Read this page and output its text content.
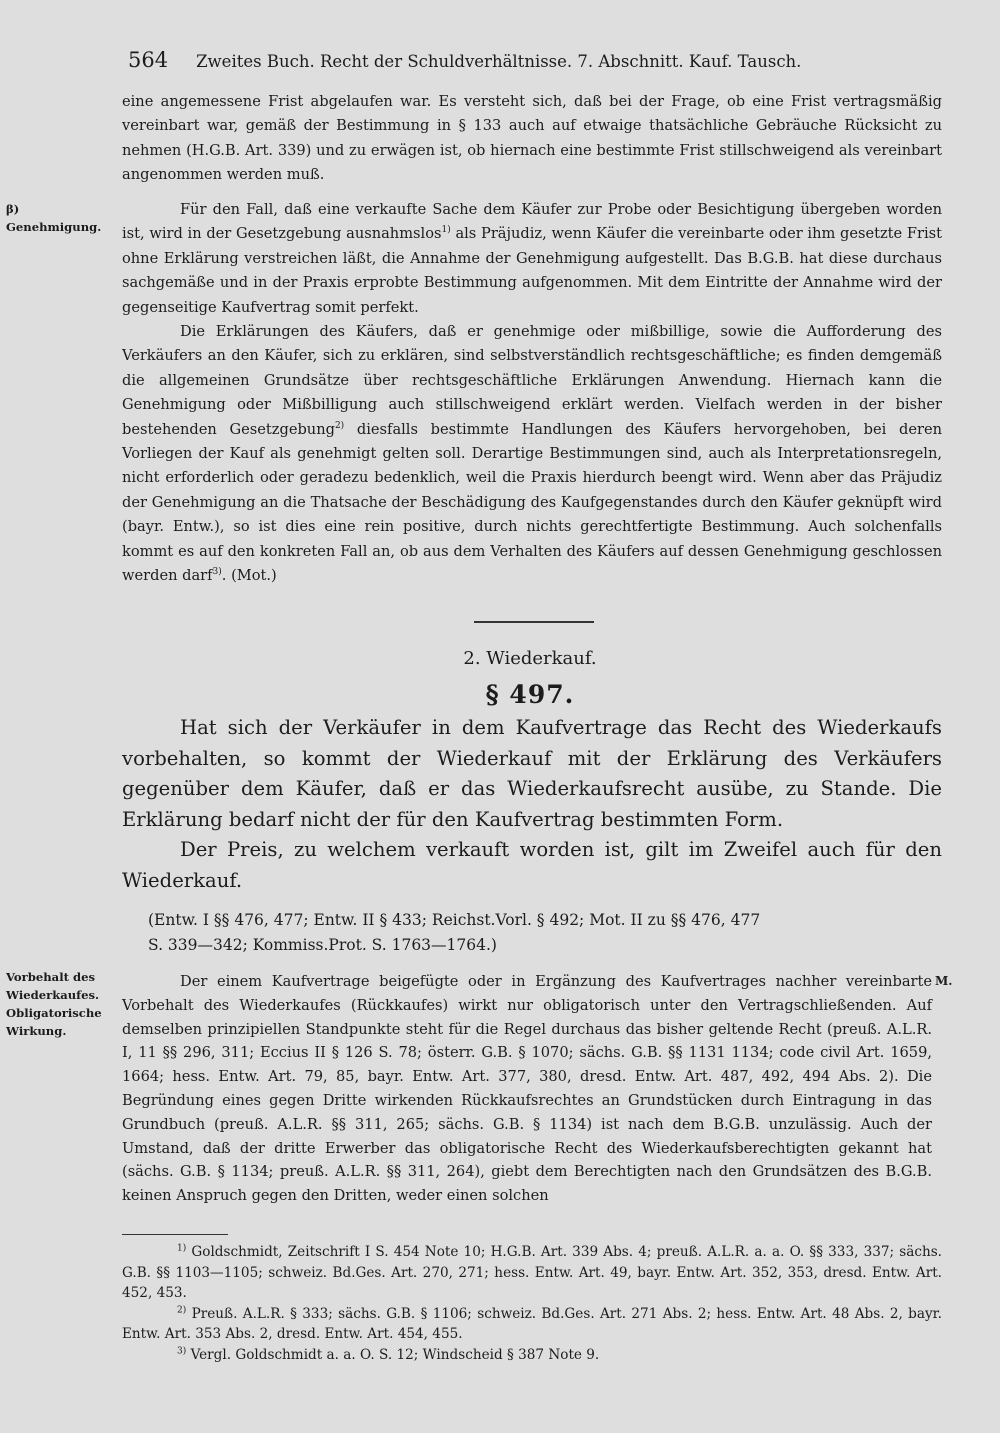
564 Zweites Buch. Recht der Schuldverhältnisse. 7. Abschnitt. Kauf. Tausch.

eine angemessene Frist abgelaufen war. Es versteht sich, daß bei der Frage, ob eine Frist vertragsmäßig vereinbart war, gemäß der Bestimmung in § 133 auch auf etwaige thatsächliche Gebräuche Rücksicht zu nehmen (H.G.B. Art. 339) und zu erwägen ist, ob hiernach eine bestimmte Frist stillschweigend als vereinbart angenommen werden muß.

β) Genehmigung.

Für den Fall, daß eine verkaufte Sache dem Käufer zur Probe oder Besichtigung übergeben worden ist, wird in der Gesetzgebung ausnahmslos$^{1)}$ als Präjudiz, wenn Käufer die vereinbarte oder ihm gesetzte Frist ohne Erklärung verstreichen läßt, die Annahme der Genehmigung aufgestellt. Das B.G.B. hat diese durchaus sachgemäße und in der Praxis erprobte Bestimmung aufgenommen. Mit dem Eintritte der Annahme wird der gegenseitige Kaufvertrag somit perfekt.

Die Erklärungen des Käufers, daß er genehmige oder mißbillige, sowie die Aufforderung des Verkäufers an den Käufer, sich zu erklären, sind selbstverständlich rechtsgeschäftliche; es finden demgemäß die allgemeinen Grundsätze über rechtsgeschäftliche Erklärungen Anwendung. Hiernach kann die Genehmigung oder Mißbilligung auch stillschweigend erklärt werden. Vielfach werden in der bisher bestehenden Gesetzgebung$^{2)}$ diesfalls bestimmte Handlungen des Käufers hervorgehoben, bei deren Vorliegen der Kauf als genehmigt gelten soll. Derartige Bestimmungen sind, auch als Interpretationsregeln, nicht erforderlich oder geradezu bedenklich, weil die Praxis hierdurch beengt wird. Wenn aber das Präjudiz der Genehmigung an die Thatsache der Beschädigung des Kaufgegenstandes durch den Käufer geknüpft wird (bayr. Entw.), so ist dies eine rein positive, durch nichts gerechtfertigte Bestimmung. Auch solchenfalls kommt es auf den konkreten Fall an, ob aus dem Verhalten des Käufers auf dessen Genehmigung geschlossen werden darf$^{3)}$. (Mot.)

2. Wiederkauf.
§ 497.

Hat sich der Verkäufer in dem Kaufvertrage das Recht des Wiederkaufs vorbehalten, so kommt der Wiederkauf mit der Erklärung des Verkäufers gegenüber dem Käufer, daß er das Wiederkaufsrecht ausübe, zu Stande. Die Erklärung bedarf nicht der für den Kaufvertrag bestimmten Form.

Der Preis, zu welchem verkauft worden ist, gilt im Zweifel auch für den Wiederkauf.

(Entw. I §§ 476, 477; Entw. II § 433; Reichst.Vorl. § 492; Mot. II zu §§ 476, 477

S. 339—342; Kommiss.Prot. S. 1763—1764.)

Vorbehalt des Wiederkaufes. Obligatorische Wirkung.
M.

Der einem Kaufvertrage beigefügte oder in Ergänzung des Kaufvertrages nachher vereinbarte Vorbehalt des Wiederkaufes (Rückkaufes) wirkt nur obligatorisch unter den Vertragschließenden. Auf demselben prinzipiellen Standpunkte steht für die Regel durchaus das bisher geltende Recht (preuß. A.L.R. I, 11 §§ 296, 311; Eccius II § 126 S. 78; österr. G.B. § 1070; sächs. G.B. §§ 1131 1134; code civil Art. 1659, 1664; hess. Entw. Art. 79, 85, bayr. Entw. Art. 377, 380, dresd. Entw. Art. 487, 492, 494 Abs. 2). Die Begründung eines gegen Dritte wirkenden Rückkaufsrechtes an Grundstücken durch Eintragung in das Grundbuch (preuß. A.L.R. §§ 311, 265; sächs. G.B. § 1134) ist nach dem B.G.B. unzulässig. Auch der Umstand, daß der dritte Erwerber das obligatorische Recht des Wiederkaufsberechtigten gekannt hat (sächs. G.B. § 1134; preuß. A.L.R. §§ 311, 264), giebt dem Berechtigten nach den Grundsätzen des B.G.B. keinen Anspruch gegen den Dritten, weder einen solchen

$^{1)}$ Goldschmidt, Zeitschrift I S. 454 Note 10; H.G.B. Art. 339 Abs. 4; preuß. A.L.R. a. a. O. §§ 333, 337; sächs. G.B. §§ 1103—1105; schweiz. Bd.Ges. Art. 270, 271; hess. Entw. Art. 49, bayr. Entw. Art. 352, 353, dresd. Entw. Art. 452, 453.

$^{2)}$ Preuß. A.L.R. § 333; sächs. G.B. § 1106; schweiz. Bd.Ges. Art. 271 Abs. 2; hess. Entw. Art. 48 Abs. 2, bayr. Entw. Art. 353 Abs. 2, dresd. Entw. Art. 454, 455.

$^{3)}$ Vergl. Goldschmidt a. a. O. S. 12; Windscheid § 387 Note 9.
